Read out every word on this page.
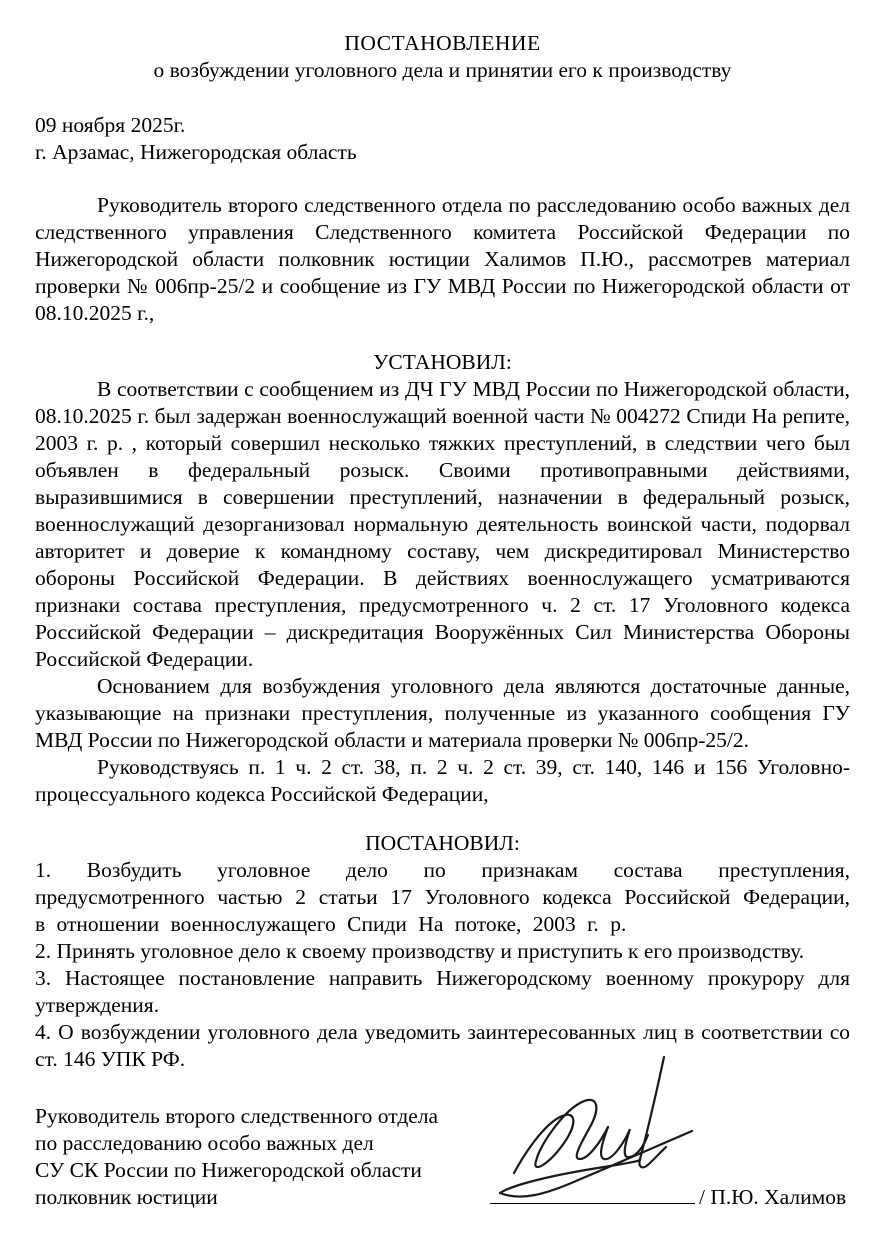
ПОСТАНОВЛЕНИЕ
о возбуждении уголовного дела и принятии его к производству
09 ноября 2025г.
г. Арзамас, Нижегородская область

Руководитель второго следственного отдела по расследованию особо важных дел следственного управления Следственного комитета Российской Федерации по Нижегородской области полковник юстиции Халимов П.Ю., рассмотрев материал проверки № 006пр-25/2 и сообщение из ГУ МВД России по Нижегородской области от 08.10.2025 г.,

УСТАНОВИЛ:

В соответствии с сообщением из ДЧ ГУ МВД России по Нижегородской области, 08.10.2025 г. был задержан военнослужащий военной части № 004272 Спиди На репите, 2003 г. р. , который совершил несколько тяжких преступлений, в следствии чего был объявлен в федеральный розыск. Своими противоправными действиями, выразившимися в совершении преступлений, назначении в федеральный розыск, военнослужащий дезорганизовал нормальную деятельность воинской части, подорвал авторитет и доверие к командному составу, чем дискредитировал Министерство обороны Российской Федерации. В действиях военнослужащего усматриваются признаки состава преступления, предусмотренного ч. 2 ст. 17 Уголовного кодекса Российской Федерации – дискредитация Вооружённых Сил Министерства Обороны Российской Федерации.

Основанием для возбуждения уголовного дела являются достаточные данные, указывающие на признаки преступления, полученные из указанного сообщения ГУ МВД России по Нижегородской области и материала проверки № 006пр-25/2.

Руководствуясь п. 1 ч. 2 ст. 38, п. 2 ч. 2 ст. 39, ст. 140, 146 и 156 Уголовно-процессуального кодекса Российской Федерации,

ПОСТАНОВИЛ:

1. Возбудить уголовное дело по признакам состава преступления, предусмотренного частью 2 статьи 17 Уголовного кодекса Российской Федерации, в отношении военнослужащего Спиди На потоке, 2003 г. р.

2. Принять уголовное дело к своему производству и приступить к его производству.

3. Настоящее постановление направить Нижегородскому военному прокурору для утверждения.

4. О возбуждении уголовного дела уведомить заинтересованных лиц в соответствии со ст. 146 УПК РФ.

Руководитель второго следственного отдела
по расследованию особо важных дел
СУ СК России по Нижегородской области
полковник юстиции	/ П.Ю. Халимов
